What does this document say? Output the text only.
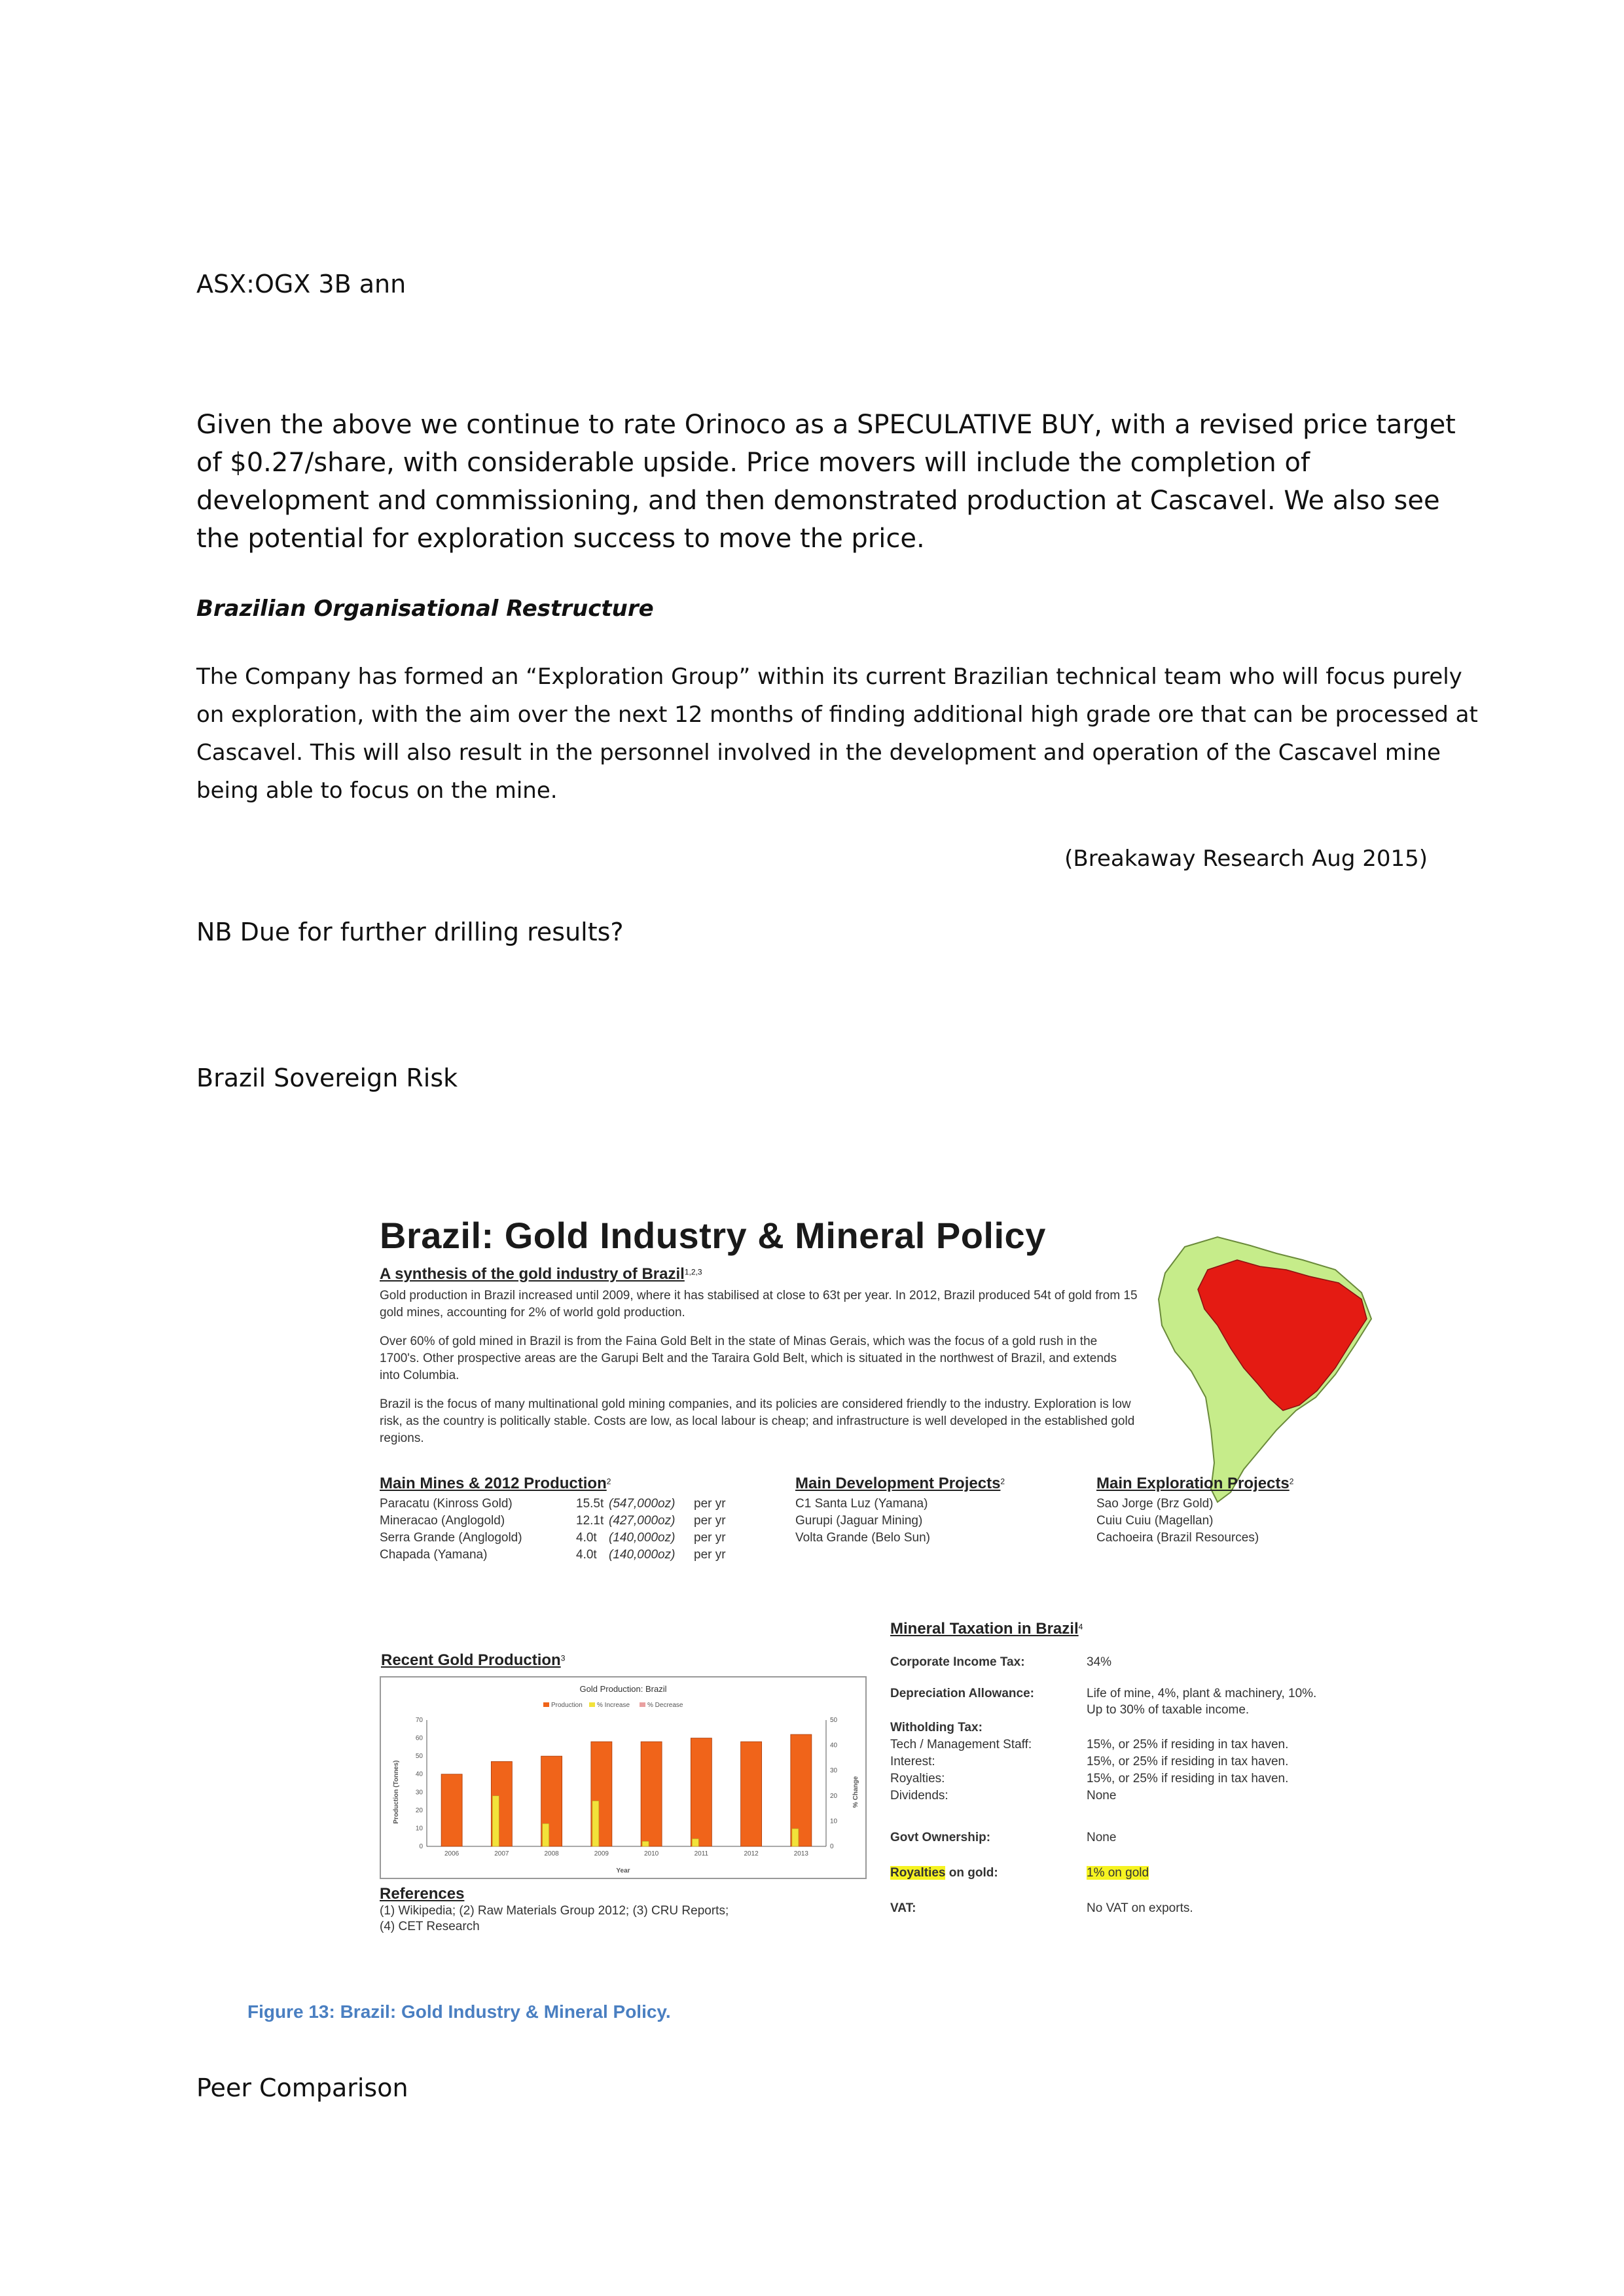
ASX:OGX 3B ann
Given the above we continue to rate Orinoco as a SPECULATIVE BUY, with a revised price target of $0.27/share, with considerable upside. Price movers will include the completion of development and commissioning, and then demonstrated production at Cascavel. We also see the potential for exploration success to move the price.
Brazilian Organisational Restructure
The Company has formed an “Exploration Group” within its current Brazilian technical team who will focus purely on exploration, with the aim over the next 12 months of finding additional high grade ore that can be processed at Cascavel. This will also result in the personnel involved in the development and operation of the Cascavel mine being able to focus on the mine.
(Breakaway Research Aug 2015)
NB Due for further drilling results?
Brazil Sovereign Risk
Brazil: Gold Industry & Mineral Policy
A synthesis of the gold industry of Brazil$^{1,2,3}$
Gold production in Brazil increased until 2009, where it has stabilised at close to 63t per year. In 2012, Brazil produced 54t of gold from 15 gold mines, accounting for 2% of world gold production.
Over 60% of gold mined in Brazil is from the Faina Gold Belt in the state of Minas Gerais, which was the focus of a gold rush in the 1700's. Other prospective areas are the Garupi Belt and the Taraira Gold Belt, which is situated in the northwest of Brazil, and extends into Columbia.
Brazil is the focus of many multinational gold mining companies, and its policies are considered friendly to the industry. Exploration is low risk, as the country is politically stable. Costs are low, as local labour is cheap; and infrastructure is well developed in the established gold regions.
Main Mines & 2012 Production$^2$
Paracatu (Kinross Gold)	15.5t (547,000oz)	per yr
Mineracao (Anglogold)	12.1t (427,000oz)	per yr
Serra Grande (Anglogold)	4.0t (140,000oz)	per yr
Chapada (Yamana)	4.0t (140,000oz)	per yr
Main Development Projects$^2$
C1 Santa Luz (Yamana)
Gurupi (Jaguar Mining)
Volta Grande (Belo Sun)
Main Exploration Projects$^2$
Sao Jorge (Brz Gold)
Cuiu Cuiu (Magellan)
Cachoeira (Brazil Resources)
Recent Gold Production$^3$
Gold Production: Brazil
Production % Increase	% Decrease
Production (Tonnes)	% Change
Year
0
10
20
30
40
50
60
70
0
10
20
30
40
50
2006	2007	2008	2009	2010	2011	2012	2013
References
(1) Wikipedia; (2) Raw Materials Group 2012; (3) CRU Reports;
(4) CET Research
Mineral Taxation in Brazil$^4$
Corporate Income Tax:	34%
Depreciation Allowance:	Life of mine, 4%, plant & machinery, 10%.
Up to 30% of taxable income.
Witholding Tax:
Tech / Management Staff:	15%, or 25% if residing in tax haven.
Interest:	15%, or 25% if residing in tax haven.
Royalties:	15%, or 25% if residing in tax haven.
Dividends:	None
Govt Ownership:	None
Royalties on gold:	1% on gold
VAT:	No VAT on exports.
Figure 13: Brazil: Gold Industry & Mineral Policy.
Peer Comparison
